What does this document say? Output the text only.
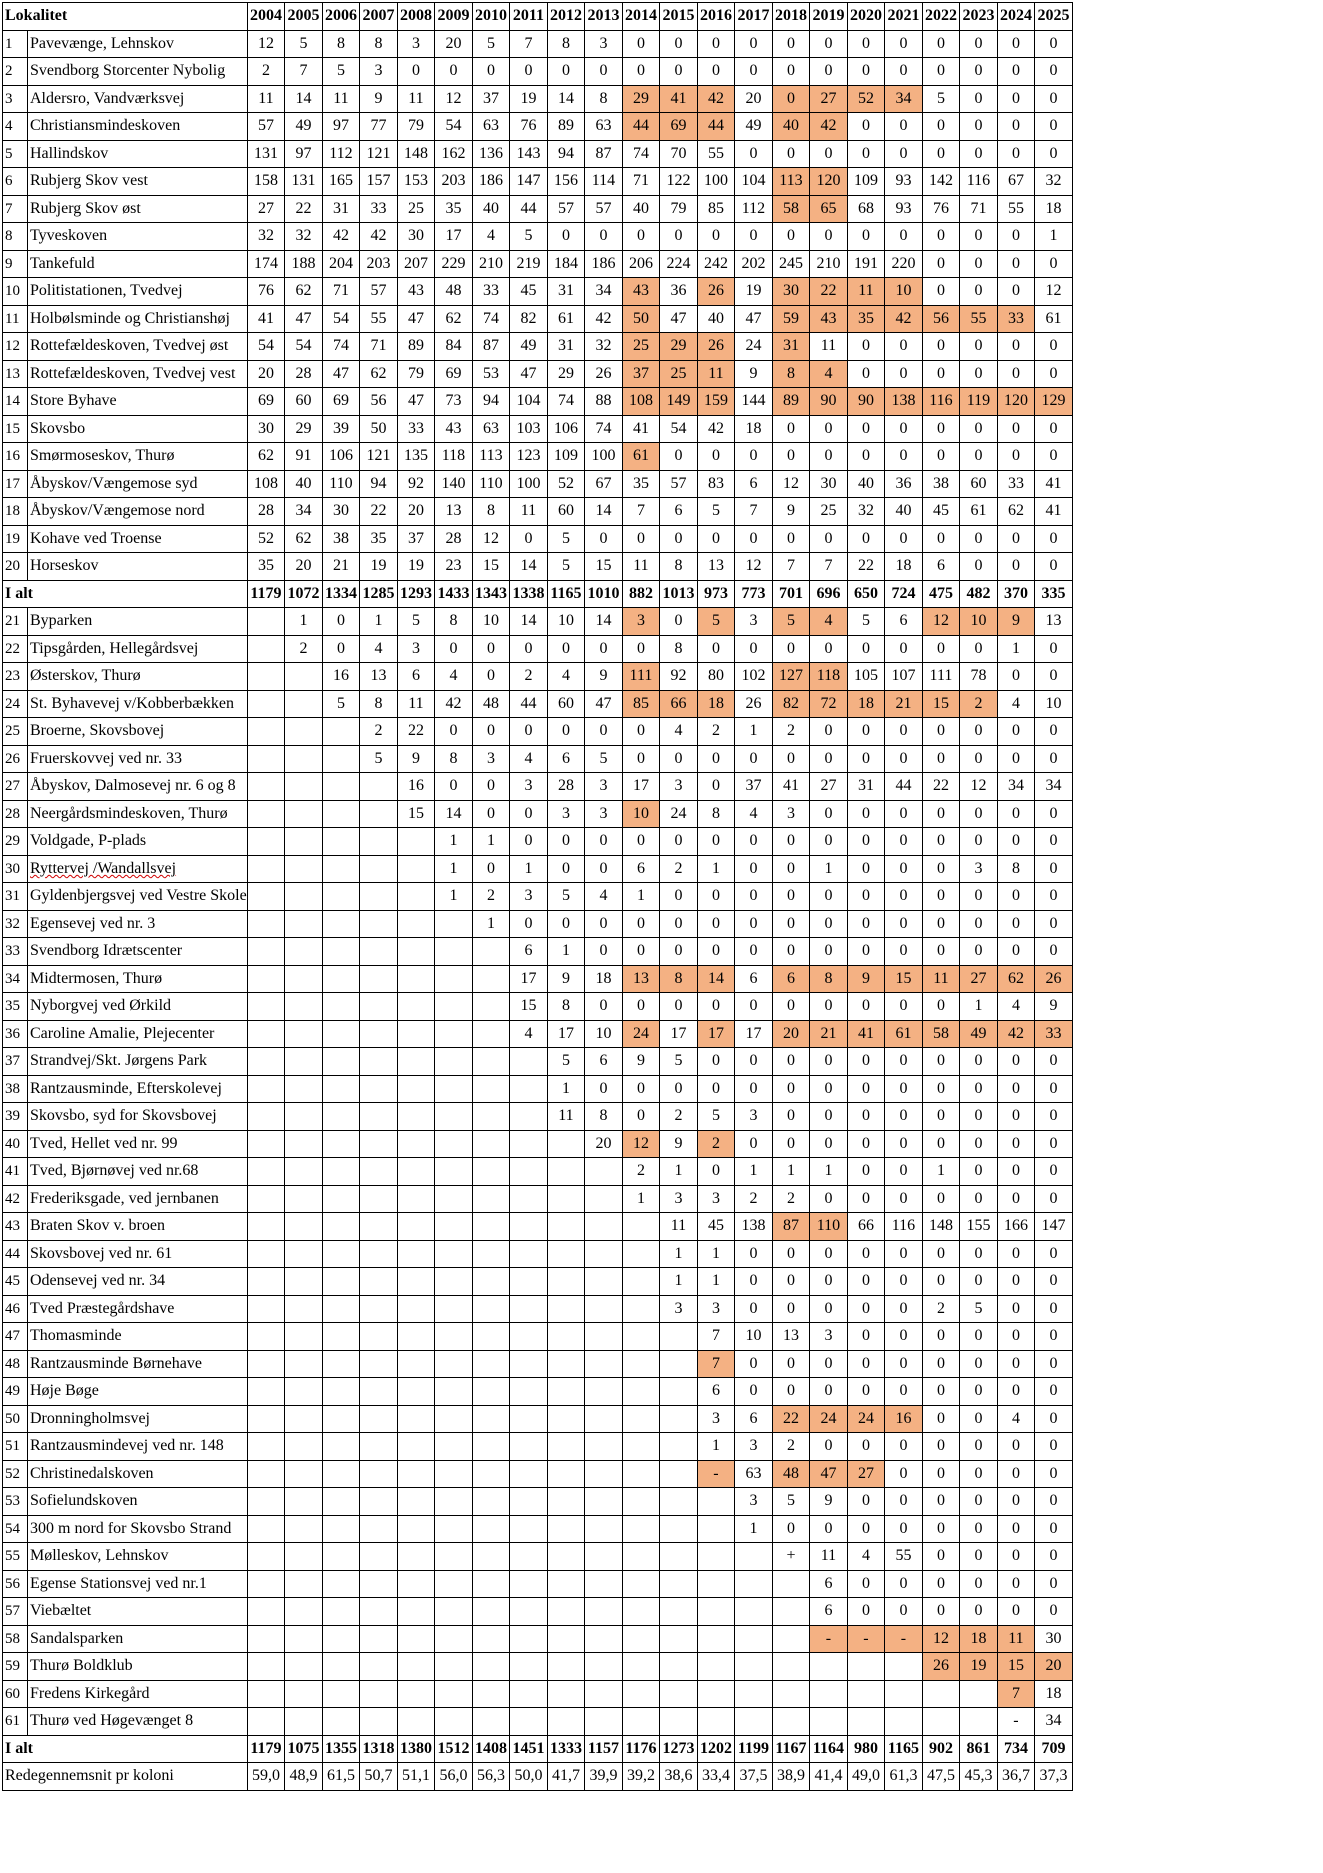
Lokalitet		2004	2005	2006	2007	2008	2009	2010	2011	2012	2013	2014	2015	2016	2017	2018	2019	2020	2021	2022	2023	2024	2025
1	Pavevænge, Lehnskov	12	5	8	8	3	20	5	7	8	3	0	0	0	0	0	0	0	0	0	0	0	0
2	Svendborg Storcenter Nybolig	2	7	5	3	0	0	0	0	0	0	0	0	0	0	0	0	0	0	0	0	0	0
3	Aldersro, Vandværksvej	11	14	11	9	11	12	37	19	14	8	29	41	42	20	0	27	52	34	5	0	0	0
4	Christiansmindeskoven	57	49	97	77	79	54	63	76	89	63	44	69	44	49	40	42	0	0	0	0	0	0
5	Hallindskov	131	97	112	121	148	162	136	143	94	87	74	70	55	0	0	0	0	0	0	0	0	0
6	Rubjerg Skov vest	158	131	165	157	153	203	186	147	156	114	71	122	100	104	113	120	109	93	142	116	67	32
7	Rubjerg Skov øst	27	22	31	33	25	35	40	44	57	57	40	79	85	112	58	65	68	93	76	71	55	18
8	Tyveskoven	32	32	42	42	30	17	4	5	0	0	0	0	0	0	0	0	0	0	0	0	0	1
9	Tankefuld	174	188	204	203	207	229	210	219	184	186	206	224	242	202	245	210	191	220	0	0	0	0
10	Politistationen, Tvedvej	76	62	71	57	43	48	33	45	31	34	43	36	26	19	30	22	11	10	0	0	0	12
11	Holbølsminde og Christianshøj	41	47	54	55	47	62	74	82	61	42	50	47	40	47	59	43	35	42	56	55	33	61
12	Rottefældeskoven, Tvedvej øst	54	54	74	71	89	84	87	49	31	32	25	29	26	24	31	11	0	0	0	0	0	0
13	Rottefældeskoven, Tvedvej vest	20	28	47	62	79	69	53	47	29	26	37	25	11	9	8	4	0	0	0	0	0	0
14	Store Byhave	69	60	69	56	47	73	94	104	74	88	108	149	159	144	89	90	90	138	116	119	120	129
15	Skovsbo	30	29	39	50	33	43	63	103	106	74	41	54	42	18	0	0	0	0	0	0	0	0
16	Smørmoseskov, Thurø	62	91	106	121	135	118	113	123	109	100	61	0	0	0	0	0	0	0	0	0	0	0
17	Åbyskov/Vængemose syd	108	40	110	94	92	140	110	100	52	67	35	57	83	6	12	30	40	36	38	60	33	41
18	Åbyskov/Vængemose nord	28	34	30	22	20	13	8	11	60	14	7	6	5	7	9	25	32	40	45	61	62	41
19	Kohave ved Troense	52	62	38	35	37	28	12	0	5	0	0	0	0	0	0	0	0	0	0	0	0	0
20	Horseskov	35	20	21	19	19	23	15	14	5	15	11	8	13	12	7	7	22	18	6	0	0	0
I alt		1179	1072	1334	1285	1293	1433	1343	1338	1165	1010	882	1013	973	773	701	696	650	724	475	482	370	335
21	Byparken		1	0	1	5	8	10	14	10	14	3	0	5	3	5	4	5	6	12	10	9	13
22	Tipsgården, Hellegårdsvej		2	0	4	3	0	0	0	0	0	0	8	0	0	0	0	0	0	0	0	1	0
23	Østerskov, Thurø			16	13	6	4	0	2	4	9	111	92	80	102	127	118	105	107	111	78	0	0
24	St. Byhavevej v/Kobberbækken			5	8	11	42	48	44	60	47	85	66	18	26	82	72	18	21	15	2	4	10
25	Broerne, Skovsbovej				2	22	0	0	0	0	0	0	4	2	1	2	0	0	0	0	0	0	0
26	Fruerskovvej ved nr. 33				5	9	8	3	4	6	5	0	0	0	0	0	0	0	0	0	0	0	0
27	Åbyskov, Dalmosevej nr. 6 og 8					16	0	0	3	28	3	17	3	0	37	41	27	31	44	22	12	34	34
28	Neergårdsmindeskoven, Thurø					15	14	0	0	3	3	10	24	8	4	3	0	0	0	0	0	0	0
29	Voldgade, P-plads						1	1	0	0	0	0	0	0	0	0	0	0	0	0	0	0	0
30	Ryttervej /Wandallsvej						1	0	1	0	0	6	2	1	0	0	1	0	0	0	3	8	0
31	Gyldenbjergsvej ved Vestre Skole						1	2	3	5	4	1	0	0	0	0	0	0	0	0	0	0	0
32	Egensevej ved nr. 3							1	0	0	0	0	0	0	0	0	0	0	0	0	0	0	0
33	Svendborg Idrætscenter								6	1	0	0	0	0	0	0	0	0	0	0	0	0	0
34	Midtermosen, Thurø								17	9	18	13	8	14	6	6	8	9	15	11	27	62	26
35	Nyborgvej ved Ørkild								15	8	0	0	0	0	0	0	0	0	0	0	1	4	9
36	Caroline Amalie, Plejecenter								4	17	10	24	17	17	17	20	21	41	61	58	49	42	33
37	Strandvej/Skt. Jørgens Park									5	6	9	5	0	0	0	0	0	0	0	0	0	0
38	Rantzausminde, Efterskolevej									1	0	0	0	0	0	0	0	0	0	0	0	0	0
39	Skovsbo, syd for Skovsbovej									11	8	0	2	5	3	0	0	0	0	0	0	0	0
40	Tved, Hellet ved nr. 99										20	12	9	2	0	0	0	0	0	0	0	0	0
41	Tved, Bjørnøvej ved nr.68											2	1	0	1	1	1	0	0	1	0	0	0
42	Frederiksgade, ved jernbanen											1	3	3	2	2	0	0	0	0	0	0	0
43	Braten Skov v. broen												11	45	138	87	110	66	116	148	155	166	147
44	Skovsbovej ved nr. 61												1	1	0	0	0	0	0	0	0	0	0
45	Odensevej ved nr. 34												1	1	0	0	0	0	0	0	0	0	0
46	Tved Præstegårdshave												3	3	0	0	0	0	0	2	5	0	0
47	Thomasminde													7	10	13	3	0	0	0	0	0	0
48	Rantzausminde Børnehave													7	0	0	0	0	0	0	0	0	0
49	Høje Bøge													6	0	0	0	0	0	0	0	0	0
50	Dronningholmsvej													3	6	22	24	24	16	0	0	4	0
51	Rantzausmindevej ved nr. 148													1	3	2	0	0	0	0	0	0	0
52	Christinedalskoven													-	63	48	47	27	0	0	0	0	0
53	Sofielundskoven														3	5	9	0	0	0	0	0	0
54	300 m nord for Skovsbo Strand														1	0	0	0	0	0	0	0	0
55	Mølleskov, Lehnskov															+	11	4	55	0	0	0	0
56	Egense Stationsvej ved nr.1																6	0	0	0	0	0	0
57	Viebæltet																6	0	0	0	0	0	0
58	Sandalsparken																-	-	-	12	18	11	30
59	Thurø Boldklub																			26	19	15	20
60	Fredens Kirkegård																					7	18
61	Thurø ved Høgevænget 8																					-	34
I alt		1179	1075	1355	1318	1380	1512	1408	1451	1333	1157	1176	1273	1202	1199	1167	1164	980	1165	902	861	734	709
Redegennemsnit pr koloni		59,0	48,9	61,5	50,7	51,1	56,0	56,3	50,0	41,7	39,9	39,2	38,6	33,4	37,5	38,9	41,4	49,0	61,3	47,5	45,3	36,7	37,3
